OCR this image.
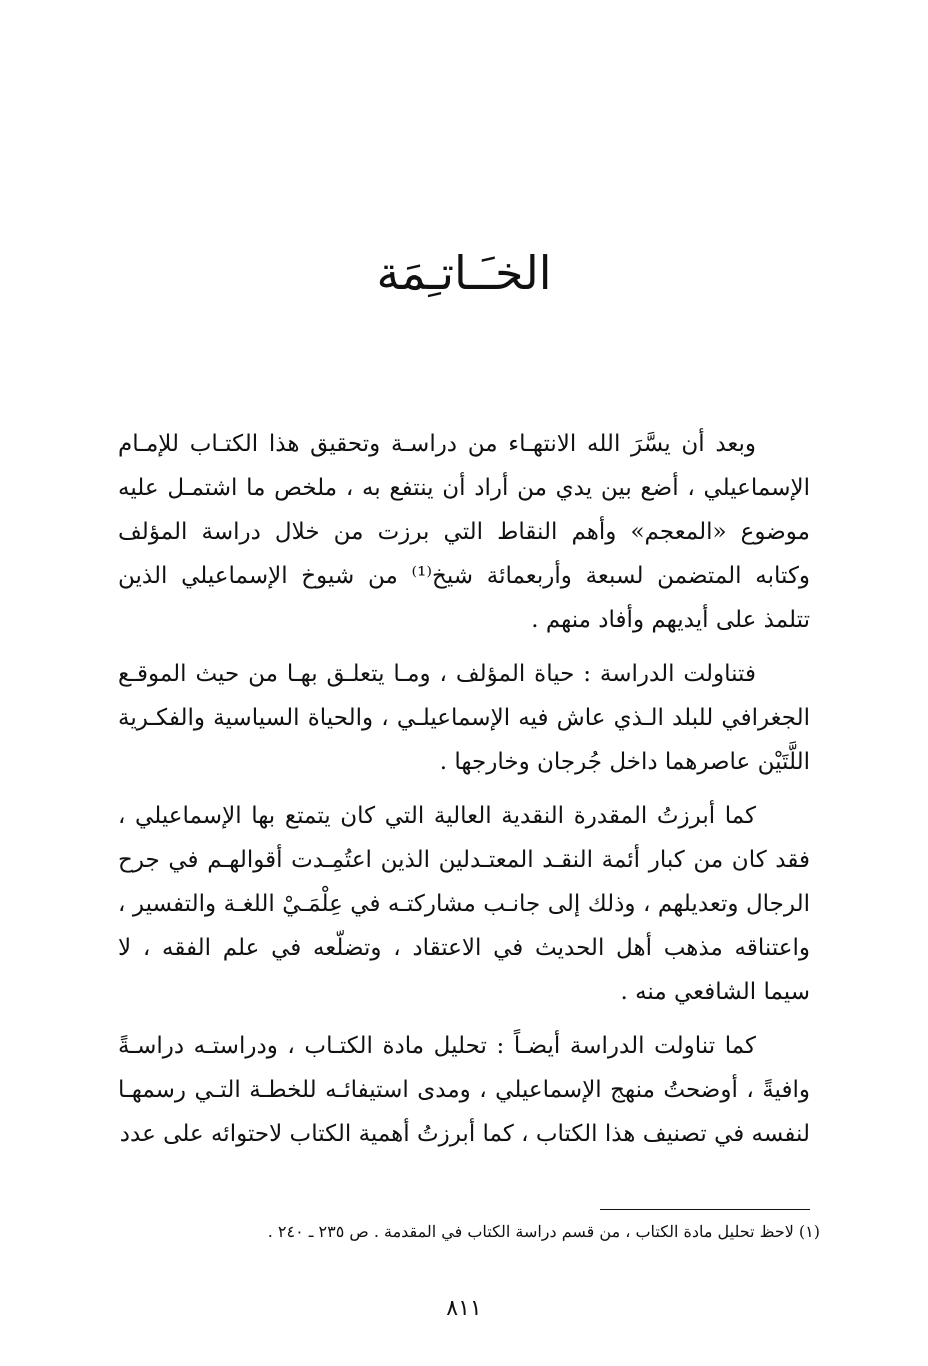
الخـَـاتـِمَة

وبعد أن يسَّرَ الله الانتهـاء من دراسـة وتحقيق هذا الكتـاب للإمـام الإسماعيلي ، أضع بين يدي من أراد أن ينتفع به ، ملخص ما اشتمـل عليه موضوع «المعجم» وأهم النقاط التي برزت من خلال دراسة المؤلف وكتابه المتضمن لسبعة وأربعمائة شيخ⁽¹⁾ من شيوخ الإسماعيلي الذين تتلمذ على أيديهم وأفاد منهم .

فتناولت الدراسة : حياة المؤلف ، ومـا يتعلـق بهـا من حيث الموقـع الجغرافي للبلد الـذي عاش فيه الإسماعيلـي ، والحياة السياسية والفكـرية اللَّتَيْن عاصرهما داخل جُرجان وخارجها .

كما أبرزتُ المقدرة النقدية العالية التي كان يتمتع بها الإسماعيلي ، فقد كان من كبار أئمة النقـد المعتـدلين الذين اعتُمِـدت أقوالهـم في جرح الرجال وتعديلهم ، وذلك إلى جانـب مشاركتـه في عِلْمَـيْ اللغـة والتفسير ، واعتناقه مذهب أهل الحديث في الاعتقاد ، وتضلّعه في علم الفقه ، لا سيما الشافعي منه .

كما تناولت الدراسة أيضـاً : تحليل مادة الكتـاب ، ودراستـه دراسـةً وافيةً ، أوضحتُ منهج الإسماعيلي ، ومدى استيفائـه للخطـة التـي رسمهـا لنفسه في تصنيف هذا الكتاب ، كما أبرزتُ أهمية الكتاب لاحتوائه على عدد

(١) لاحظ تحليل مادة الكتاب ، من قسم دراسة الكتاب في المقدمة . ص ٢٣٥ ـ ٢٤٠ .
٨١١
